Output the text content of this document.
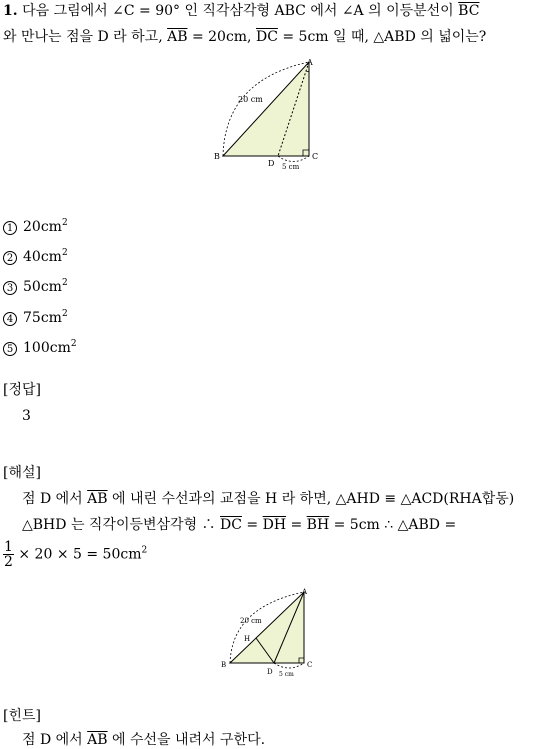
1. 다음 그림에서 ∠C = 90° 인 직각삼각형 ABC 에서 ∠A 의 이등분선이 $\overline{BC}$
와 만나는 점을 D 라 하고, $\overline{AB} = 20cm$, $\overline{DC} = 5cm$ 일 때, △ABD 의 넓이는?
A
B	C
D
20 cm
5 cm
1 $20cm^2$
2 $40cm^2$
3 $50cm^2$
4 $75cm^2$
5 $100cm^2$
[정답]
3
[해설]
점 D 에서 $\overline{AB}$ 에 내린 수선과의 교점을 H 라 하면, △AHD ≡ △ACD(RHA합동)
△BHD 는 직각이등변삼각형 ∴ $\overline{DC} = \overline{DH} = \overline{BH} = 5cm$ ∴ △ABD =
$\frac{1}{2} \times 20 \times 5 = 50cm^2$
A
B	C
D
H
20 cm
5 cm
[힌트]
점 D 에서 $\overline{AB}$ 에 수선을 내려서 구한다.
